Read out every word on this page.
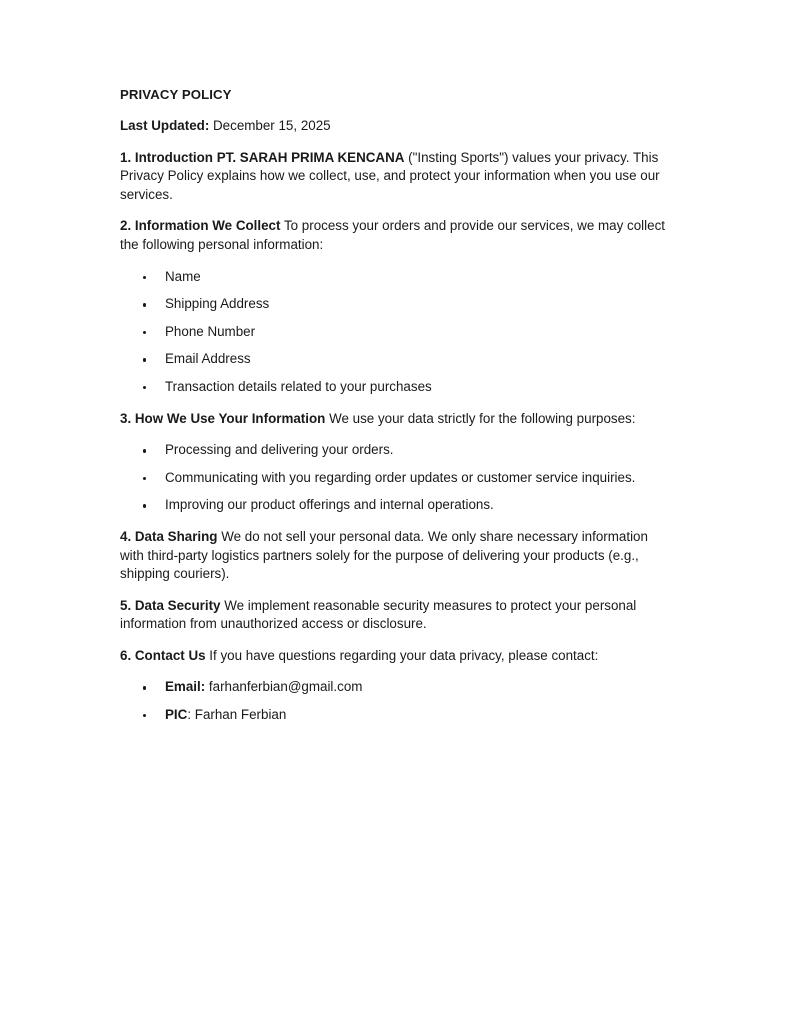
PRIVACY POLICY

Last Updated: December 15, 2025

1. Introduction PT. SARAH PRIMA KENCANA ("Insting Sports") values your privacy. This Privacy Policy explains how we collect, use, and protect your information when you use our services.

2. Information We Collect To process your orders and provide our services, we may collect the following personal information:

Name
Shipping Address
Phone Number
Email Address
Transaction details related to your purchases

3. How We Use Your Information We use your data strictly for the following purposes:

Processing and delivering your orders.
Communicating with you regarding order updates or customer service inquiries.
Improving our product offerings and internal operations.

4. Data Sharing We do not sell your personal data. We only share necessary information with third-party logistics partners solely for the purpose of delivering your products (e.g., shipping couriers).

5. Data Security We implement reasonable security measures to protect your personal information from unauthorized access or disclosure.

6. Contact Us If you have questions regarding your data privacy, please contact:

Email: farhanferbian@gmail.com
PIC: Farhan Ferbian
